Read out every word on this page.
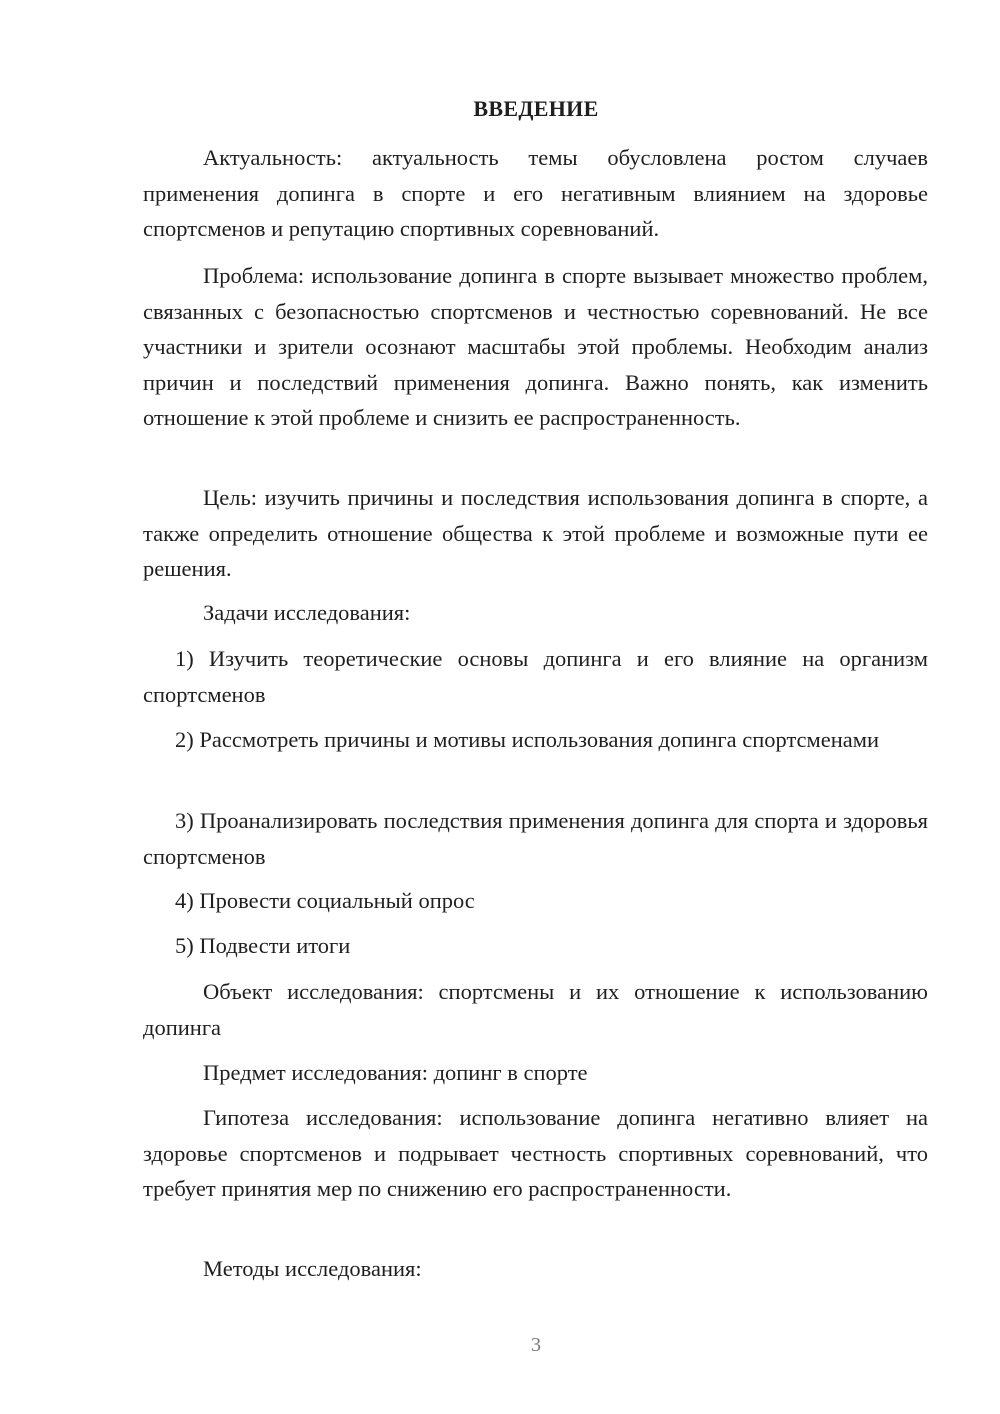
ВВЕДЕНИЕ

Актуальность: актуальность темы обусловлена ростом случаев применения допинга в спорте и его негативным влиянием на здоровье спортсменов и репутацию спортивных соревнований.

Проблема: использование допинга в спорте вызывает множество проблем, связанных с безопасностью спортсменов и честностью соревнований. Не все участники и зрители осознают масштабы этой проблемы. Необходим анализ причин и последствий применения допинга. Важно понять, как изменить отношение к этой проблеме и снизить ее распространенность.

Цель: изучить причины и последствия использования допинга в спорте, а также определить отношение общества к этой проблеме и возможные пути ее решения.

Задачи исследования:

1) Изучить теоретические основы допинга и его влияние на организм спортсменов

2) Рассмотреть причины и мотивы использования допинга спортсменами

3) Проанализировать последствия применения допинга для спорта и здоровья спортсменов

4) Провести социальный опрос

5) Подвести итоги

Объект исследования: спортсмены и их отношение к использованию допинга

Предмет исследования: допинг в спорте

Гипотеза исследования: использование допинга негативно влияет на здоровье спортсменов и подрывает честность спортивных соревнований, что требует принятия мер по снижению его распространенности.

Методы исследования:

3
